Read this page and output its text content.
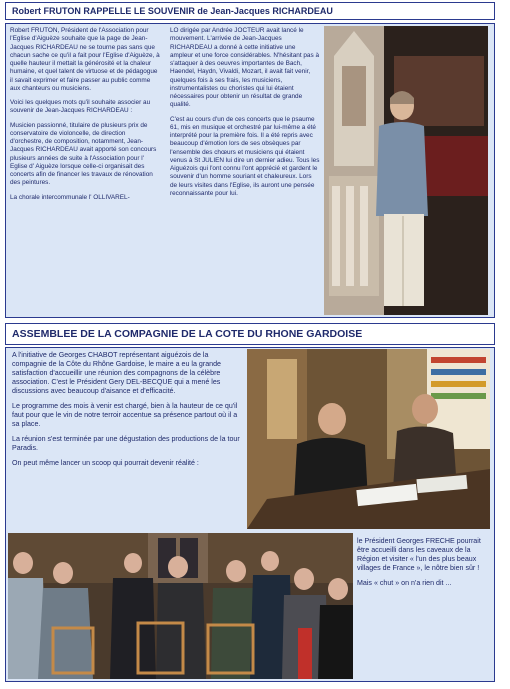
Robert FRUTON RAPPELLE LE SOUVENIR de Jean-Jacques RICHARDEAU

Robert FRUTON, Président de l'Association pour l'Eglise d'Aiguèze souhaite que la page de Jean-Jacques RICHARDEAU ne se tourne pas sans que chacun sache ce qu'il a fait pour l'Eglise d'Aiguèze, à quelle hauteur il mettait la générosité et la chaleur humaine, et quel talent de virtuose et de pédagogue il savait exprimer et faire passer au public comme aux chanteurs ou musiciens.

Voici les quelques mots qu'il souhaite associer au souvenir de Jean-Jacques RICHARDEAU :

Musicien passionné, titulaire de plusieurs prix de conservatoire de violoncelle, de direction d'orchestre, de composition, notamment, Jean-Jacques RICHARDEAU avait apporté son concours plusieurs années de suite à l'Association pour l' Eglise d' Aiguèze lorsque celle-ci organisait des concerts afin de financer les travaux de rénovation des peintures.

La chorale intercommunale l' OLLIVAREL-

LO dirigée par Andrée JOCTEUR avait lancé le mouvement. L'arrivée de Jean-Jacques RICHARDEAU a donné à cette initiative une ampleur et une force considérables. N'hésitant pas à s'attaquer à des oeuvres importantes de Bach, Haendel, Haydn, Vivaldi, Mozart, il avait fait venir, quelques fois à ses frais, les musiciens, instrumentalistes ou choristes qui lui étaient nécessaires pour obtenir un résultat de grande qualité.

C'est au cours d'un de ces concerts que le psaume 61, mis en musique et orchestré par lui-même a été interprété pour la première fois. Il a été repris avec beaucoup d'émotion lors de ses obsèques par l'ensemble des chœurs et musiciens qui étaient venus à St JULIEN lui dire un dernier adieu. Tous les Aiguézois qui l'ont connu l'ont apprécié et gardent le souvenir d'un homme souriant et chaleureux. Lors de leurs visites dans l'Eglise, ils auront une pensée reconnaissante pour lui.

ASSEMBLEE DE LA COMPAGNIE DE LA COTE DU RHONE GARDOISE

A l'initiative de Georges CHABOT représentant aiguézois de la compagnie de la Côte du Rhône Gardoise, le maire a eu la grande satisfaction d'accueillir une réunion des compagnons de la célèbre association. C'est le Président Gery DEL-BECQUE qui a mené les discussions avec beaucoup d'aisance et d'efficacité.

Le programme des mois à venir est chargé, bien à la hauteur de ce qu'il faut pour que le vin de notre terroir accentue sa présence partout où il a sa place.

La réunion s'est terminée par une dégustation des productions de la tour Paradis.

On peut même lancer un scoop qui pourrait devenir réalité :

le Président Georges FRECHE pourrait être accueilli dans les caveaux de la Région et visiter « l'un des plus beaux villages de France », le nôtre bien sûr !

Mais « chut » on n'a rien dit ...
